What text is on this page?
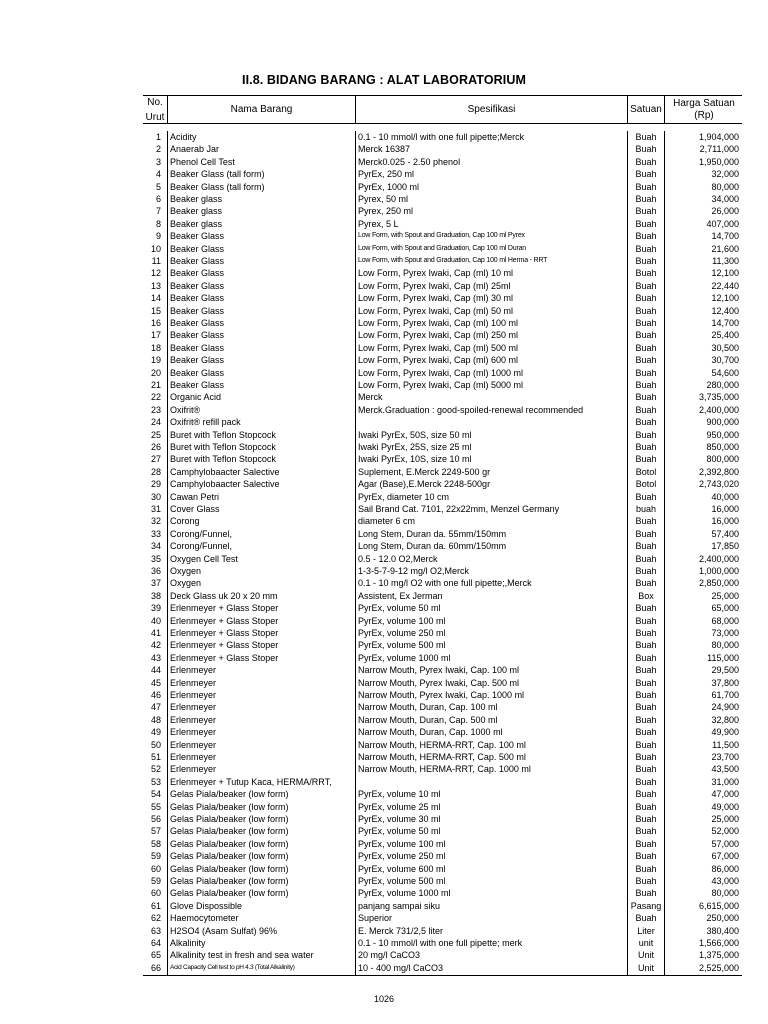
II.8. BIDANG BARANG : ALAT LABORATORIUM
No.
Urut
Nama Barang	Spesifikasi	Satuan
Harga Satuan
(Rp)
1 Acidity	0.1 - 10 mmol/l with one full pipette;Merck	Buah	1,904,000
2 Anaerab Jar	Merck 16387	Buah	2,711,000
3 Phenol Cell Test	Merck0.025 - 2.50 phenol	Buah	1,950,000
4 Beaker Glass (tall form)	PyrEx, 250 ml	Buah	32,000
5 Beaker Glass (tall form)	PyrEx, 1000 ml	Buah	80,000
6 Beaker glass	Pyrex, 50 ml	Buah	34,000
7 Beaker glass	Pyrex, 250 ml	Buah	26,000
8 Beaker glass	Pyrex, 5 L	Buah	407,000
9 Beaker Glass	Low Form, with Spout and Graduation, Cap 100 ml Pyrex	Buah	14,700
10 Beaker Glass	Low Form, with Spout and Graduation, Cap 100 ml Duran	Buah	21,600
11 Beaker Glass	Low Form, with Spout and Graduation, Cap 100 ml Herma - RRT	Buah	11,300
12 Beaker Glass	Low Form, Pyrex Iwaki, Cap (ml) 10 ml	Buah	12,100
13 Beaker Glass	Low Form, Pyrex Iwaki, Cap (ml) 25ml	Buah	22,440
14 Beaker Glass	Low Form, Pyrex Iwaki, Cap (ml) 30 ml	Buah	12,100
15 Beaker Glass	Low Form, Pyrex Iwaki, Cap (ml) 50 ml	Buah	12,400
16 Beaker Glass	Low Form, Pyrex Iwaki, Cap (ml) 100 ml	Buah	14,700
17 Beaker Glass	Low Form, Pyrex Iwaki, Cap (ml) 250 ml	Buah	25,400
18 Beaker Glass	Low Form, Pyrex Iwaki, Cap (ml) 500 ml	Buah	30,500
19 Beaker Glass	Low Form, Pyrex Iwaki, Cap (ml) 600 ml	Buah	30,700
20 Beaker Glass	Low Form, Pyrex Iwaki, Cap (ml) 1000 ml	Buah	54,600
21 Beaker Glass	Low Form, Pyrex Iwaki, Cap (ml) 5000 ml	Buah	280,000
22 Organic Acid	Merck	Buah	3,735,000
23 Oxifrit®	Merck.Graduation : good-spoiled-renewal recommended	Buah	2,400,000
24 Oxifrit® refill pack	Buah	900,000
25 Buret with Teflon Stopcock	Iwaki PyrEx, 50S, size 50 ml	Buah	950,000
26 Buret with Teflon Stopcock	Iwaki PyrEx, 25S, size 25 ml	Buah	850,000
27 Buret with Teflon Stopcock	Iwaki PyrEx, 10S, size 10 ml	Buah	800,000
28 Camphylobaacter Salective	Suplement, E.Merck 2249-500 gr	Botol	2,392,800
29 Camphylobaacter Salective	Agar (Base),E.Merck 2248-500gr	Botol	2,743,020
30 Cawan Petri	PyrEx, diameter 10 cm	Buah	40,000
31 Cover Glass	Sail Brand Cat. 7101, 22x22mm, Menzel Germany	buah	16,000
32 Corong	diameter 6 cm	Buah	16,000
33 Corong/Funnel,	Long Stem, Duran da. 55mm/150mm	Buah	57,400
34 Corong/Funnel,	Long Stem, Duran da. 60mm/150mm	Buah	17,850
35 Oxygen Cell Test	0.5 - 12.0 O2,Merck	Buah	2,400,000
36 Oxygen	1-3-5-7-9-12 mg/l O2,Merck	Buah	1,000,000
37 Oxygen	0.1 - 10 mg/l O2 with one full pipette;,Merck	Buah	2,850,000
38 Deck Glass uk 20 x 20 mm	Assistent, Ex Jerman	Box	25,000
39 Erlenmeyer + Glass Stoper	PyrEx, volume 50 ml	Buah	65,000
40 Erlenmeyer + Glass Stoper	PyrEx, volume 100 ml	Buah	68,000
41 Erlenmeyer + Glass Stoper	PyrEx, volume 250 ml	Buah	73,000
42 Erlenmeyer + Glass Stoper	PyrEx, volume 500 ml	Buah	80,000
43 Erlenmeyer + Glass Stoper	PyrEx, volume 1000 ml	Buah	115,000
44 Erlenmeyer	Narrow Mouth, Pyrex Iwaki, Cap. 100 ml	Buah	29,500
45 Erlenmeyer	Narrow Mouth, Pyrex Iwaki, Cap. 500 ml	Buah	37,800
46 Erlenmeyer	Narrow Mouth, Pyrex Iwaki, Cap. 1000 ml	Buah	61,700
47 Erlenmeyer	Narrow Mouth, Duran, Cap. 100 ml	Buah	24,900
48 Erlenmeyer	Narrow Mouth, Duran, Cap. 500 ml	Buah	32,800
49 Erlenmeyer	Narrow Mouth, Duran, Cap. 1000 ml	Buah	49,900
50 Erlenmeyer	Narrow Mouth, HERMA-RRT, Cap. 100 ml	Buah	11,500
51 Erlenmeyer	Narrow Mouth, HERMA-RRT, Cap. 500 ml	Buah	23,700
52 Erlenmeyer	Narrow Mouth, HERMA-RRT, Cap. 1000 ml	Buah	43,500
53 Erlenmeyer + Tutup Kaca, HERMA/RRT,	Buah	31,000
54 Gelas Piala/beaker (low form)	PyrEx, volume 10 ml	Buah	47,000
55 Gelas Piala/beaker (low form)	PyrEx, volume 25 ml	Buah	49,000
56 Gelas Piala/beaker (low form)	PyrEx, volume 30 ml	Buah	25,000
57 Gelas Piala/beaker (low form)	PyrEx, volume 50 ml	Buah	52,000
58 Gelas Piala/beaker (low form)	PyrEx, volume 100 ml	Buah	57,000
59 Gelas Piala/beaker (low form)	PyrEx, volume 250 ml	Buah	67,000
60 Gelas Piala/beaker (low form)	PyrEx, volume 600 ml	Buah	86,000
59 Gelas Piala/beaker (low form)	PyrEx, volume 500 ml	Buah	43,000
60 Gelas Piala/beaker (low form)	PyrEx, volume 1000 ml	Buah	80,000
61 Glove Dispossible	panjang sampai siku	Pasang	6,615,000
62 Haemocytometer	Superior	Buah	250,000
63 H2SO4 (Asam Sulfat) 96%	E. Merck 731/2,5 liter	Liter	380,400
64 Alkalinity	0.1 - 10 mmol/l with one full pipette; merk	unit	1,566,000
65 Alkalinity test in fresh and sea water	20 mg/l CaCO3	Unit	1,375,000
66 Acid Capacity Cell test to pH 4.3 (Total Alkalinity)	10 - 400 mg/l CaCO3	Unit	2,525,000
1026
